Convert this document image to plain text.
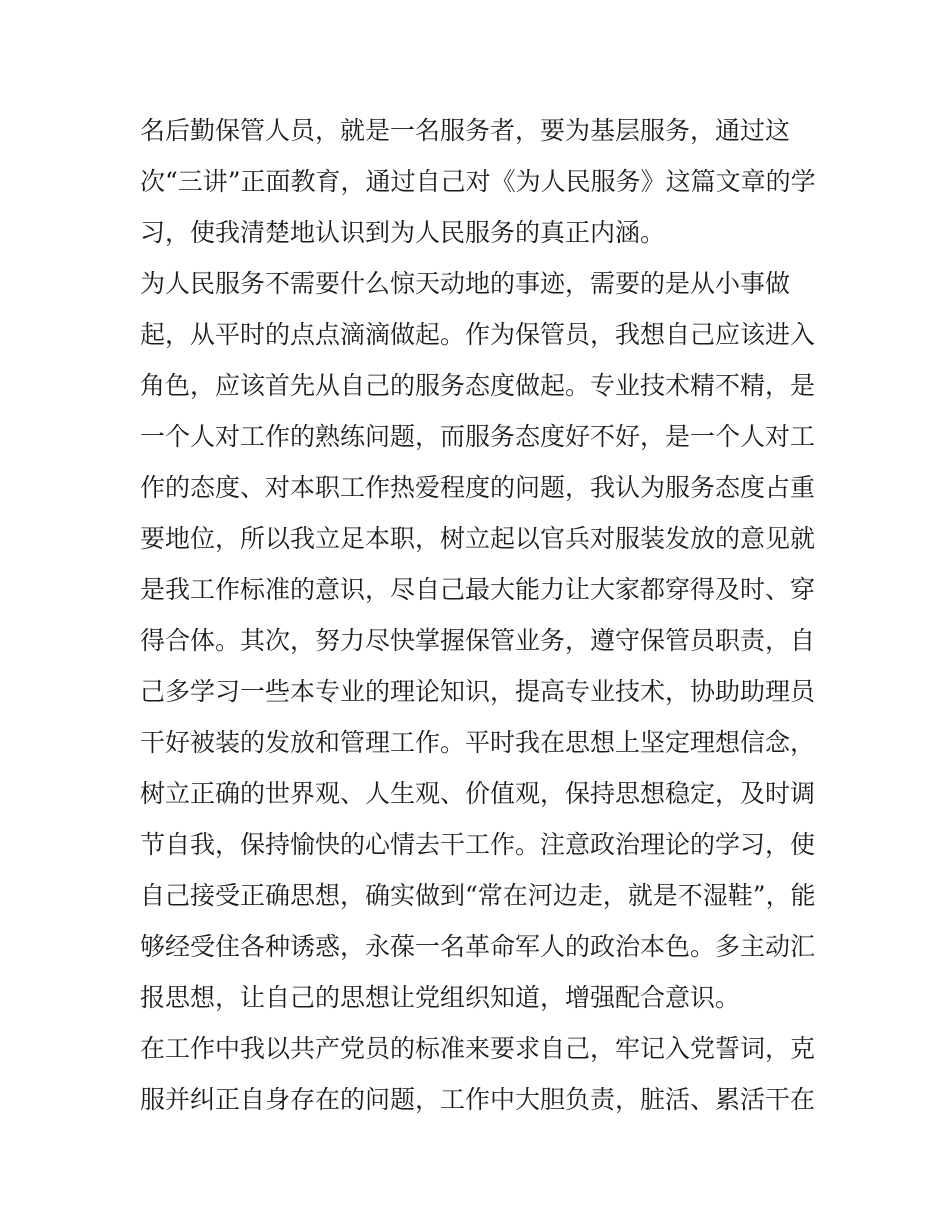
名后勤保管人员，就是一名服务者，要为基层服务，通过这
次“三讲”正面教育，通过自己对《为人民服务》这篇文章的学
习，使我清楚地认识到为人民服务的真正内涵。
为人民服务不需要什么惊天动地的事迹，需要的是从小事做
起，从平时的点点滴滴做起。作为保管员，我想自己应该进入
角色，应该首先从自己的服务态度做起。专业技术精不精，是
一个人对工作的熟练问题，而服务态度好不好，是一个人对工
作的态度、对本职工作热爱程度的问题，我认为服务态度占重
要地位，所以我立足本职，树立起以官兵对服装发放的意见就
是我工作标准的意识，尽自己最大能力让大家都穿得及时、穿
得合体。其次，努力尽快掌握保管业务，遵守保管员职责，自
己多学习一些本专业的理论知识，提高专业技术，协助助理员
干好被装的发放和管理工作。平时我在思想上坚定理想信念，
树立正确的世界观、人生观、价值观，保持思想稳定，及时调
节自我，保持愉快的心情去干工作。注意政治理论的学习，使
自己接受正确思想，确实做到“常在河边走，就是不湿鞋”，能
够经受住各种诱惑，永葆一名革命军人的政治本色。多主动汇
报思想，让自己的思想让党组织知道，增强配合意识。
在工作中我以共产党员的标准来要求自己，牢记入党誓词，克
服并纠正自身存在的问题，工作中大胆负责，脏活、累活干在
